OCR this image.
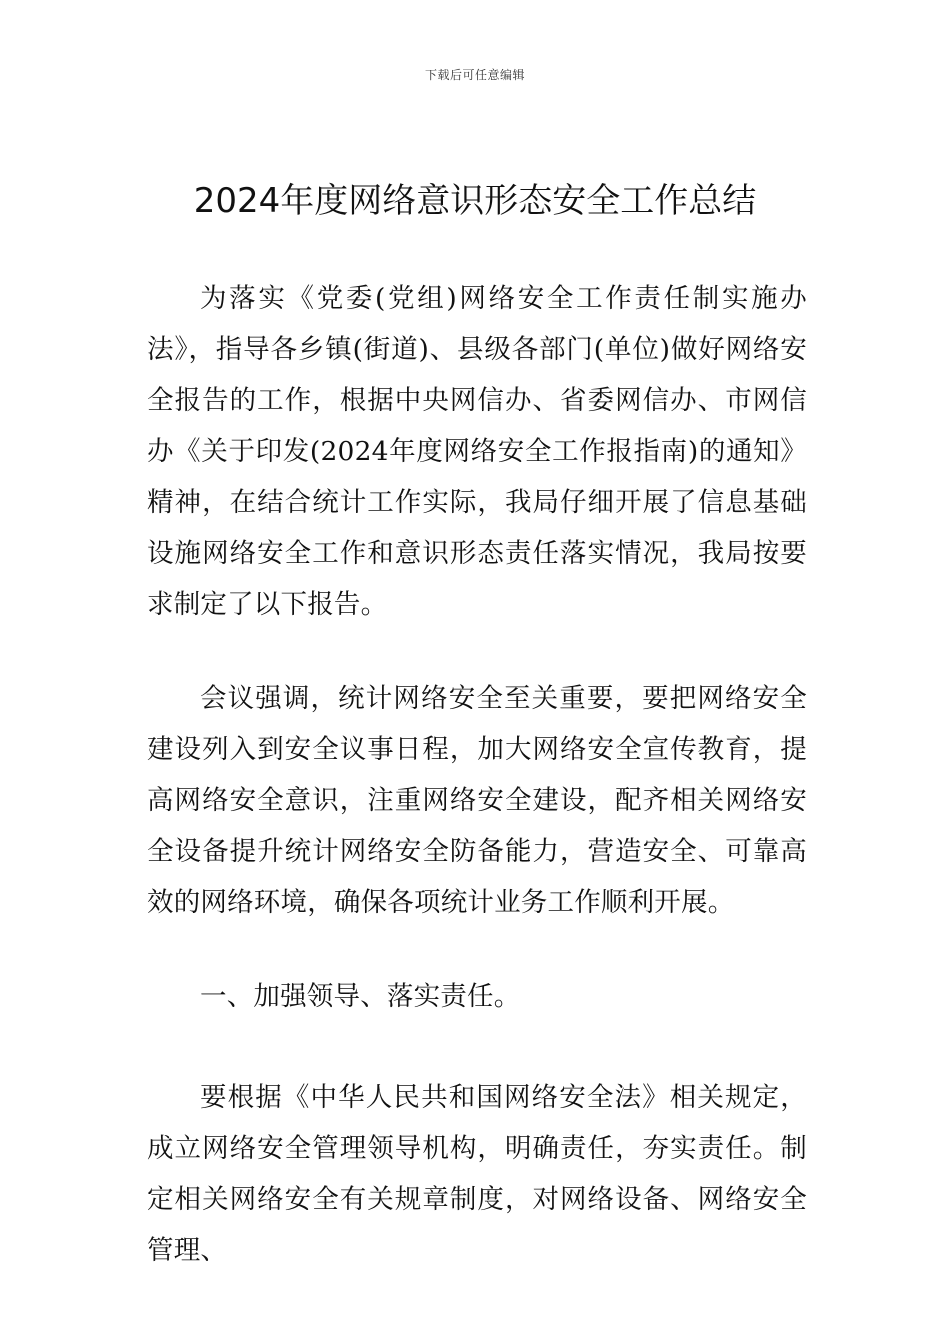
下载后可任意编辑
2024年度网络意识形态安全工作总结

为落实《党委(党组)网络安全工作责任制实施办法》，指导各乡镇(街道)、县级各部门(单位)做好网络安全报告的工作，根据中央网信办、省委网信办、市网信办《关于印发(2024年度网络安全工作报指南)的通知》精神，在结合统计工作实际，我局仔细开展了信息基础设施网络安全工作和意识形态责任落实情况，我局按要求制定了以下报告。

会议强调，统计网络安全至关重要，要把网络安全建设列入到安全议事日程，加大网络安全宣传教育，提高网络安全意识，注重网络安全建设，配齐相关网络安全设备提升统计网络安全防备能力，营造安全、可靠高效的网络环境，确保各项统计业务工作顺利开展。

一、加强领导、落实责任。

要根据《中华人民共和国网络安全法》相关规定，成立网络安全管理领导机构，明确责任，夯实责任。制定相关网络安全有关规章制度，对网络设备、网络安全管理、
